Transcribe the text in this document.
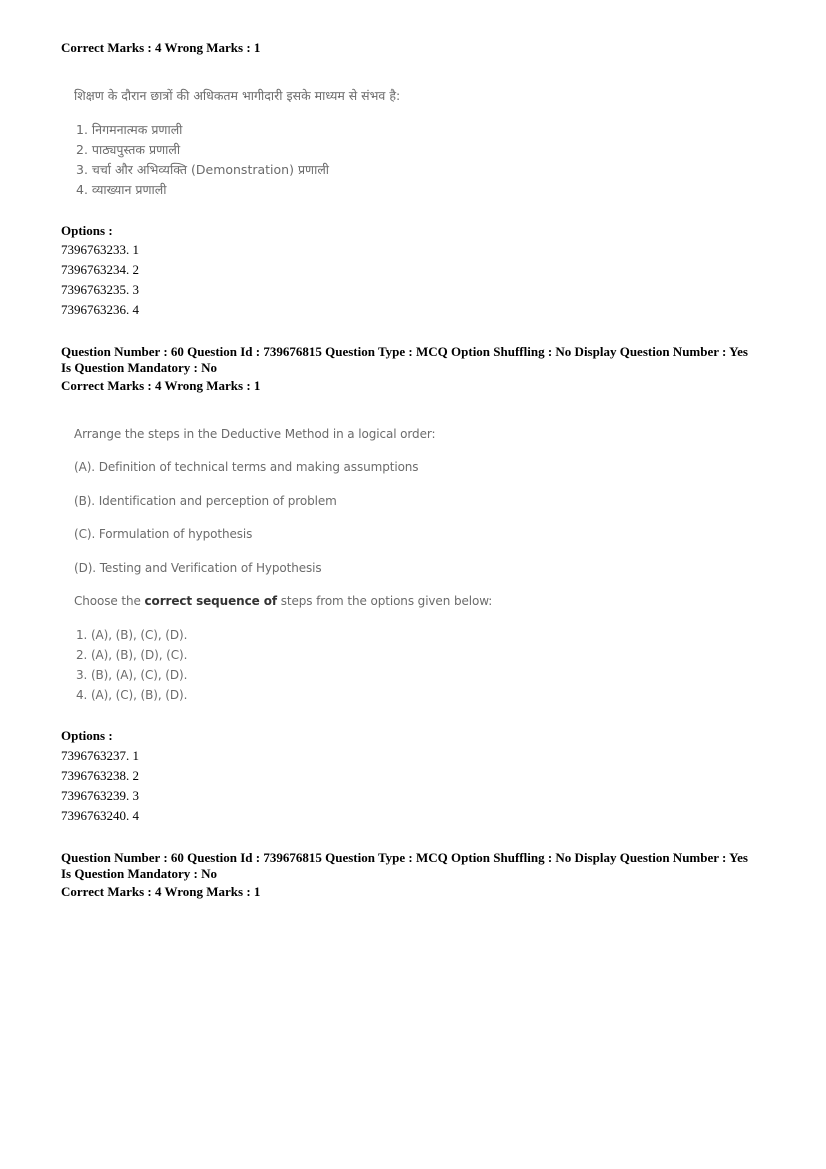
Correct Marks : 4 Wrong Marks : 1
शिक्षण के दौरान छात्रों की अधिकतम भागीदारी इसके माध्यम से संभव है:
1. निगमनात्मक प्रणाली
2. पाठ्यपुस्तक प्रणाली
3. चर्चा और अभिव्यक्ति (Demonstration) प्रणाली
4. व्याख्यान प्रणाली
Options :
7396763233. 1
7396763234. 2
7396763235. 3
7396763236. 4
Question Number : 60 Question Id : 739676815 Question Type : MCQ Option Shuffling : No Display Question Number : Yes
Is Question Mandatory : No
Correct Marks : 4 Wrong Marks : 1
Arrange the steps in the Deductive Method in a logical order:
(A). Definition of technical terms and making assumptions
(B). Identification and perception of problem
(C). Formulation of hypothesis
(D). Testing and Verification of Hypothesis
Choose the correct sequence of steps from the options given below:
1. (A), (B), (C), (D).
2. (A), (B), (D), (C).
3. (B), (A), (C), (D).
4. (A), (C), (B), (D).
Options :
7396763237. 1
7396763238. 2
7396763239. 3
7396763240. 4
Question Number : 60 Question Id : 739676815 Question Type : MCQ Option Shuffling : No Display Question Number : Yes
Is Question Mandatory : No
Correct Marks : 4 Wrong Marks : 1
